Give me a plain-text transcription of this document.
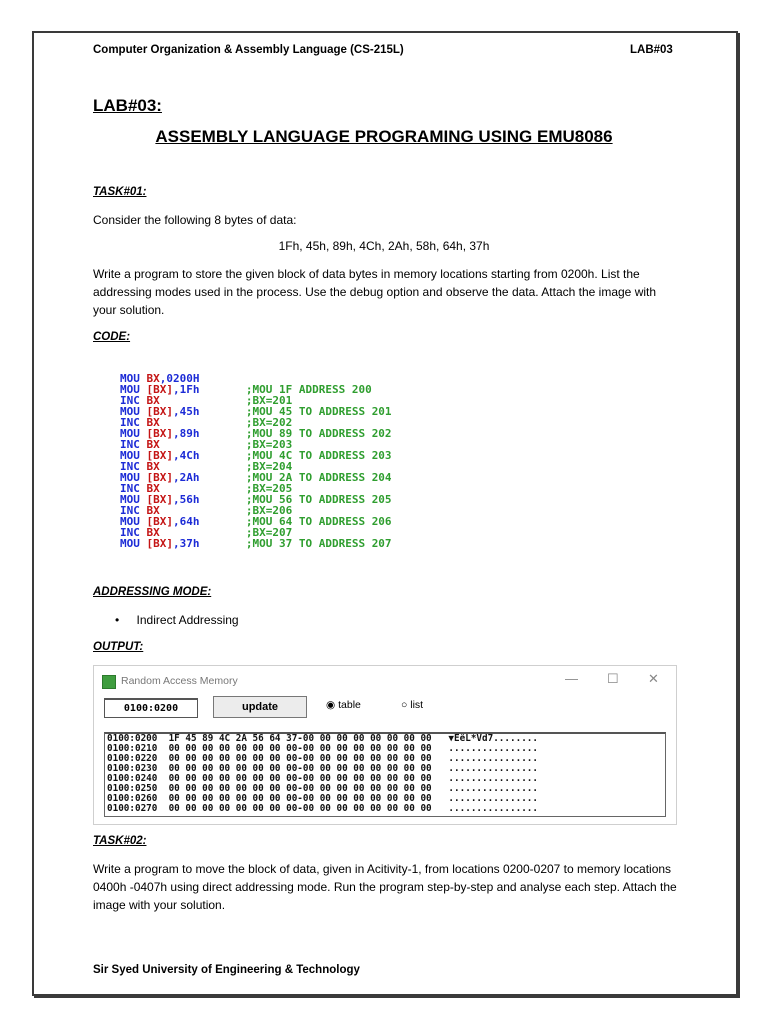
Computer Organization & Assembly Language (CS-215L)	LAB#03
LAB#03:
ASSEMBLY LANGUAGE PROGRAMING USING EMU8086
TASK#01:
Consider the following 8 bytes of data:
1Fh, 45h, 89h, 4Ch, 2Ah, 58h, 64h, 37h
Write a program to store the given block of data bytes in memory locations starting from 0200h. List the addressing modes used in the process. Use the debug option and observe the data. Attach the image with your solution.
CODE:
MOU BX,0200H
MOU [BX],1Fh	;MOU 1F ADDRESS 200
INC BX	;BX=201
MOU [BX],45h	;MOU 45 TO ADDRESS 201
INC BX	;BX=202
MOU [BX],89h	;MOU 89 TO ADDRESS 202
INC BX	;BX=203
MOU [BX],4Ch	;MOU 4C TO ADDRESS 203
INC BX	;BX=204
MOU [BX],2Ah	;MOU 2A TO ADDRESS 204
INC BX	;BX=205
MOU [BX],56h	;MOU 56 TO ADDRESS 205
INC BX	;BX=206
MOU [BX],64h	;MOU 64 TO ADDRESS 206
INC BX	;BX=207
MOU [BX],37h	;MOU 37 TO ADDRESS 207
ADDRESSING MODE:
• Indirect Addressing
OUTPUT:
Random Access Memory	— ☐ ✕
0100:0200	update	◉ table	○ list
0100:0200  1F 45 89 4C 2A 56 64 37-00 00 00 00 00 00 00 00   ▼EëL*Vd7........
0100:0210  00 00 00 00 00 00 00 00-00 00 00 00 00 00 00 00   ................
0100:0220  00 00 00 00 00 00 00 00-00 00 00 00 00 00 00 00   ................
0100:0230  00 00 00 00 00 00 00 00-00 00 00 00 00 00 00 00   ................
0100:0240  00 00 00 00 00 00 00 00-00 00 00 00 00 00 00 00   ................
0100:0250  00 00 00 00 00 00 00 00-00 00 00 00 00 00 00 00   ................
0100:0260  00 00 00 00 00 00 00 00-00 00 00 00 00 00 00 00   ................
0100:0270  00 00 00 00 00 00 00 00-00 00 00 00 00 00 00 00   ................
TASK#02:
Write a program to move the block of data, given in Acitivity-1, from locations 0200-0207 to memory locations 0400h -0407h using direct addressing mode. Run the program step-by-step and analyse each step. Attach the image with your solution.
Sir Syed University of Engineering & Technology
